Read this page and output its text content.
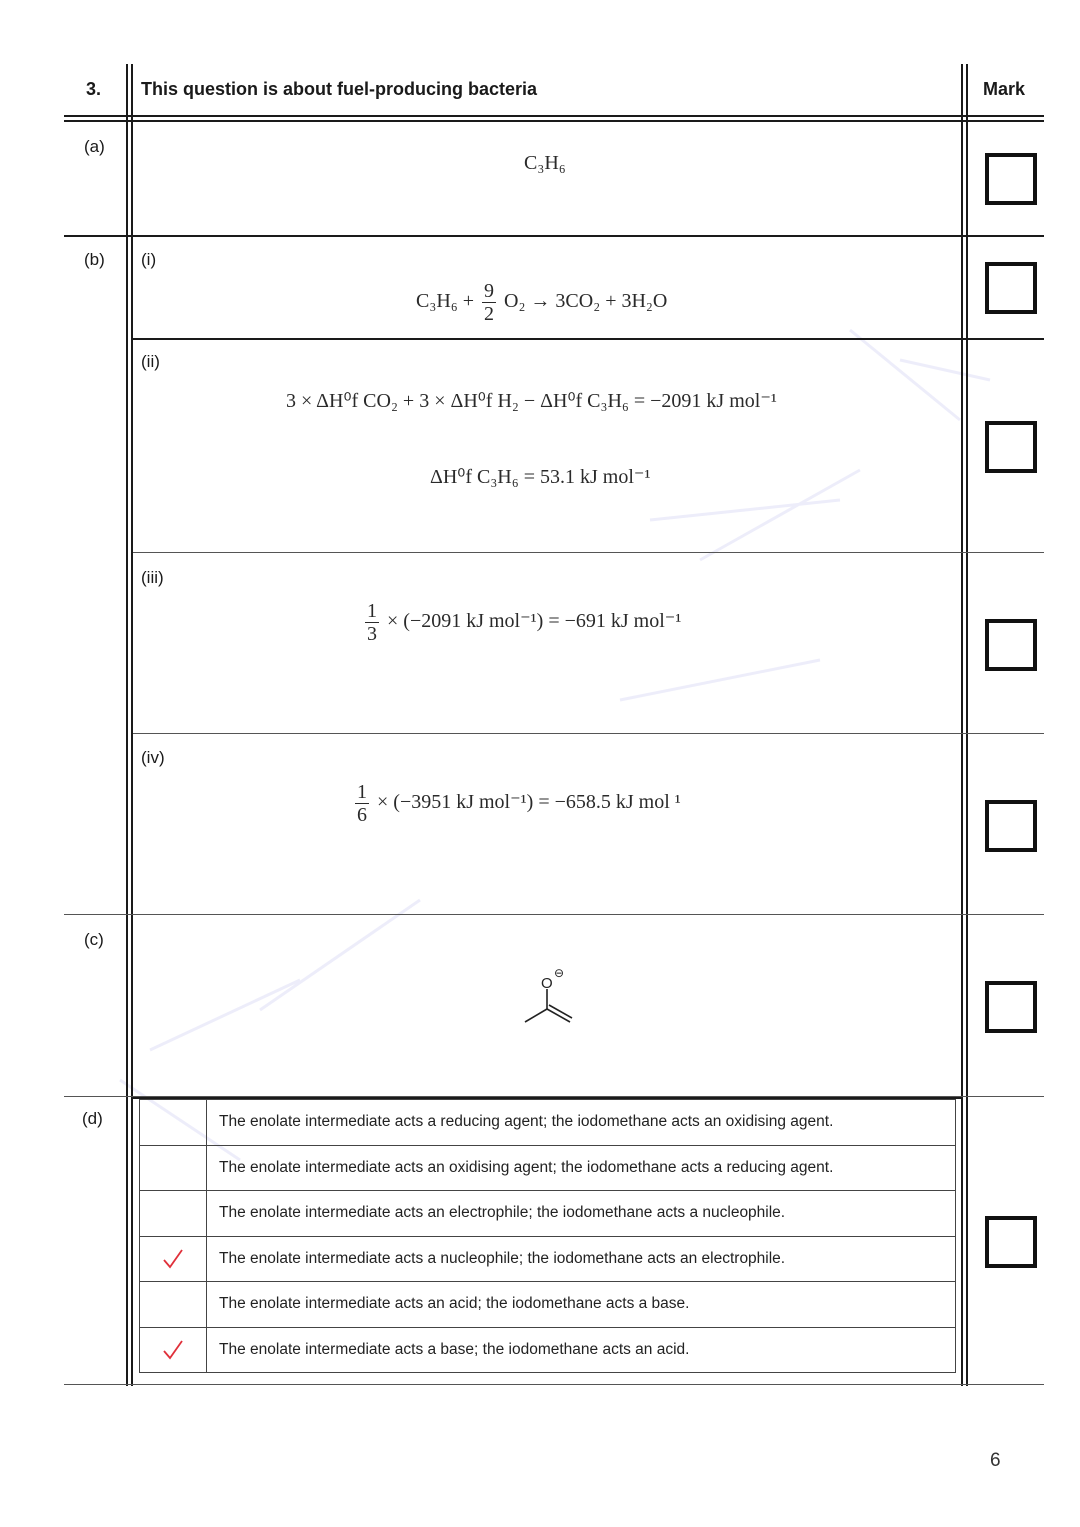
3. This question is about fuel-producing bacteria	Mark
(a)
C₃H₆
(b) (i)
$C_3H_6 + \frac{9}{2} O_2 \to 3CO_2 + 3H_2O$
(ii)
3 × ΔH⁰f CO₂ + 3 × ΔH⁰f H₂ − ΔH⁰f C₃H₆ = −2091 kJ mol⁻¹
ΔH⁰f C₃H₆ = 53.1 kJ mol⁻¹
(iii)
$\frac{1}{3} \times (-2091$ kJ mol⁻¹) = −691 kJ mol⁻¹
(iv)
$\frac{1}{6} \times (-3951$ kJ mol⁻¹) = −658.5 kJ mol ¹
(c)
O
⊖
(d)	The enolate intermediate acts a reducing agent; the iodomethane acts an oxidising agent.
The enolate intermediate acts an oxidising agent; the iodomethane acts a reducing agent.
The enolate intermediate acts an electrophile; the iodomethane acts a nucleophile.
The enolate intermediate acts a nucleophile; the iodomethane acts an electrophile.
The enolate intermediate acts an acid; the iodomethane acts a base.
The enolate intermediate acts a base; the iodomethane acts an acid.
6
